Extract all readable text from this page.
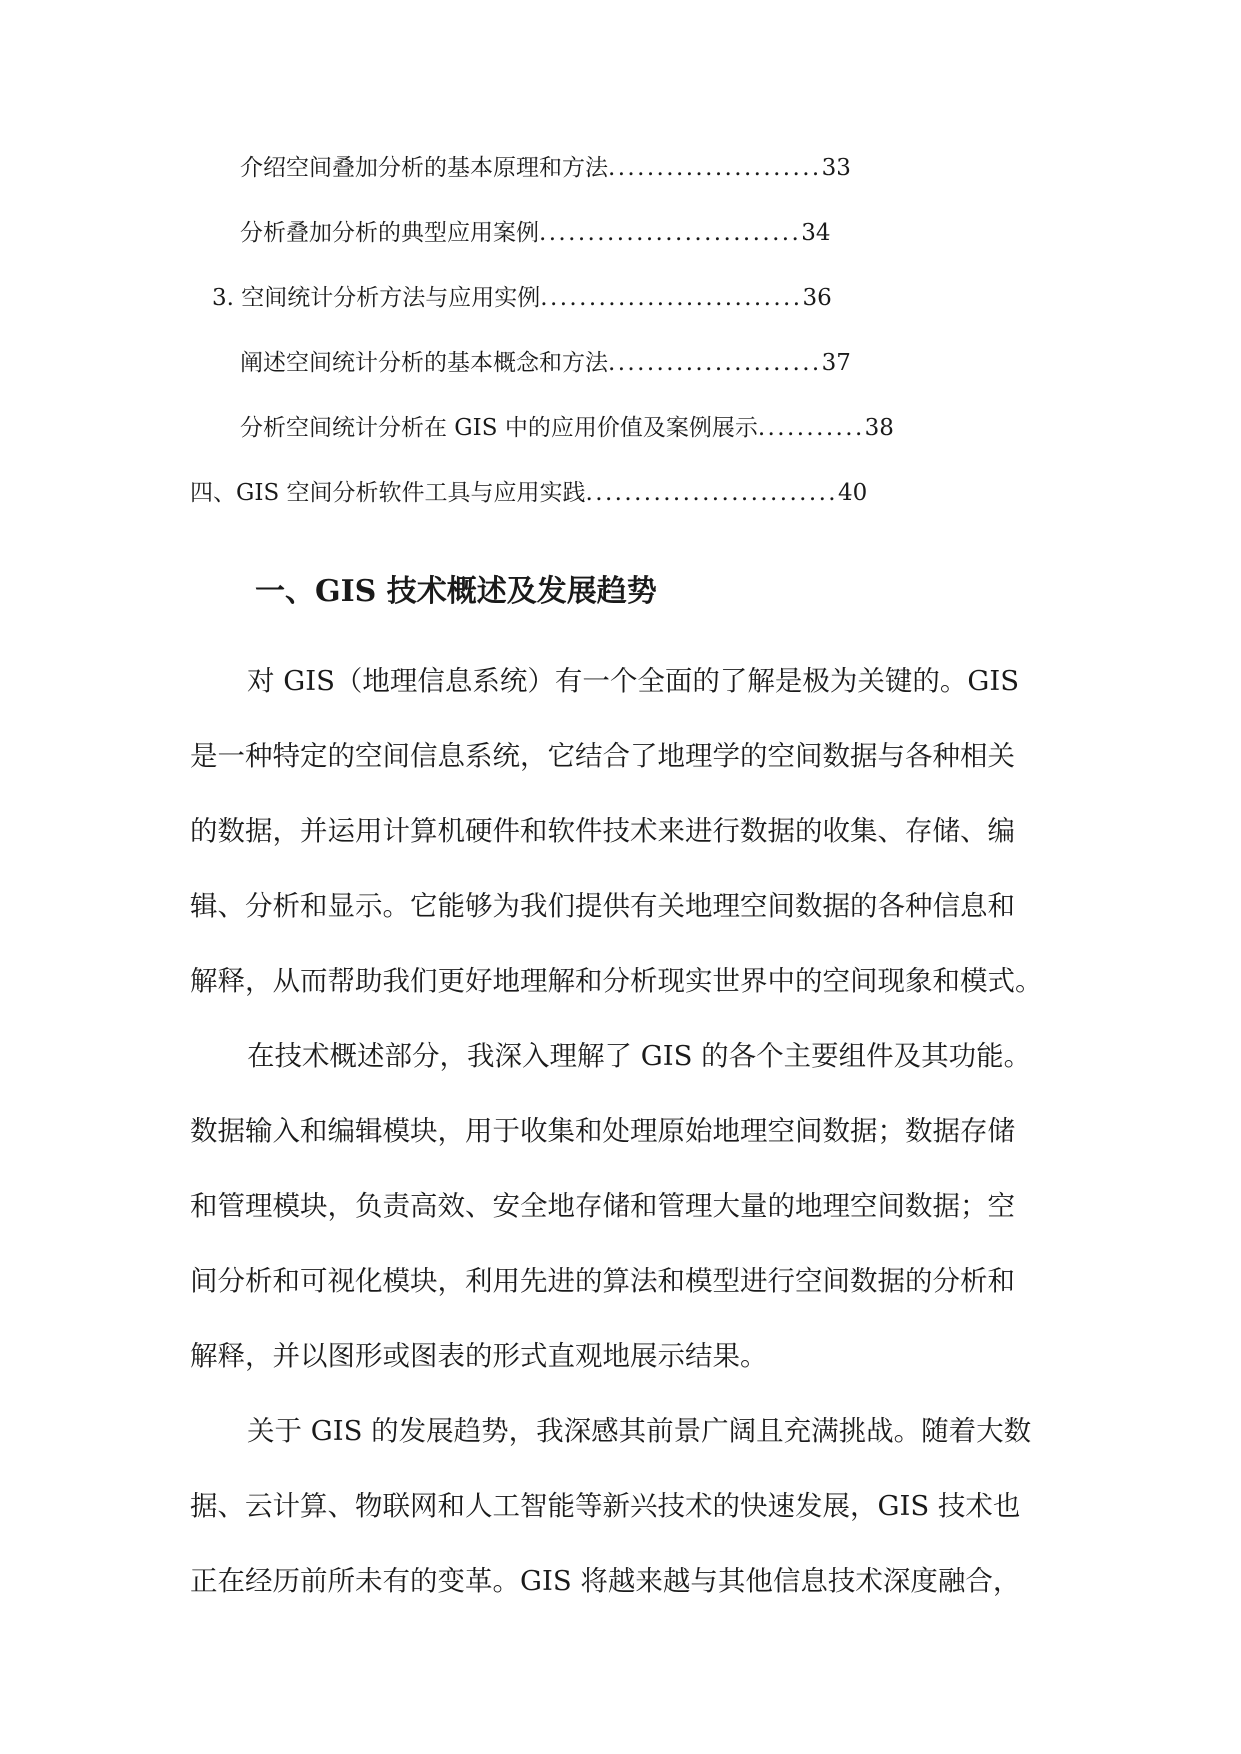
介绍空间叠加分析的基本原理和方法......................33
分析叠加分析的典型应用案例...........................34
3. 空间统计分析方法与应用实例...........................36
阐述空间统计分析的基本概念和方法......................37
分析空间统计分析在 GIS 中的应用价值及案例展示...........38
四、GIS 空间分析软件工具与应用实践..........................40
一、GIS 技术概述及发展趋势
对 GIS（地理信息系统）有一个全面的了解是极为关键的。GIS
是一种特定的空间信息系统，它结合了地理学的空间数据与各种相关
的数据，并运用计算机硬件和软件技术来进行数据的收集、存储、编
辑、分析和显示。它能够为我们提供有关地理空间数据的各种信息和
解释，从而帮助我们更好地理解和分析现实世界中的空间现象和模式。
在技术概述部分，我深入理解了 GIS 的各个主要组件及其功能。
数据输入和编辑模块，用于收集和处理原始地理空间数据；数据存储
和管理模块，负责高效、安全地存储和管理大量的地理空间数据；空
间分析和可视化模块，利用先进的算法和模型进行空间数据的分析和
解释，并以图形或图表的形式直观地展示结果。
关于 GIS 的发展趋势，我深感其前景广阔且充满挑战。随着大数
据、云计算、物联网和人工智能等新兴技术的快速发展，GIS 技术也
正在经历前所未有的变革。GIS 将越来越与其他信息技术深度融合，
